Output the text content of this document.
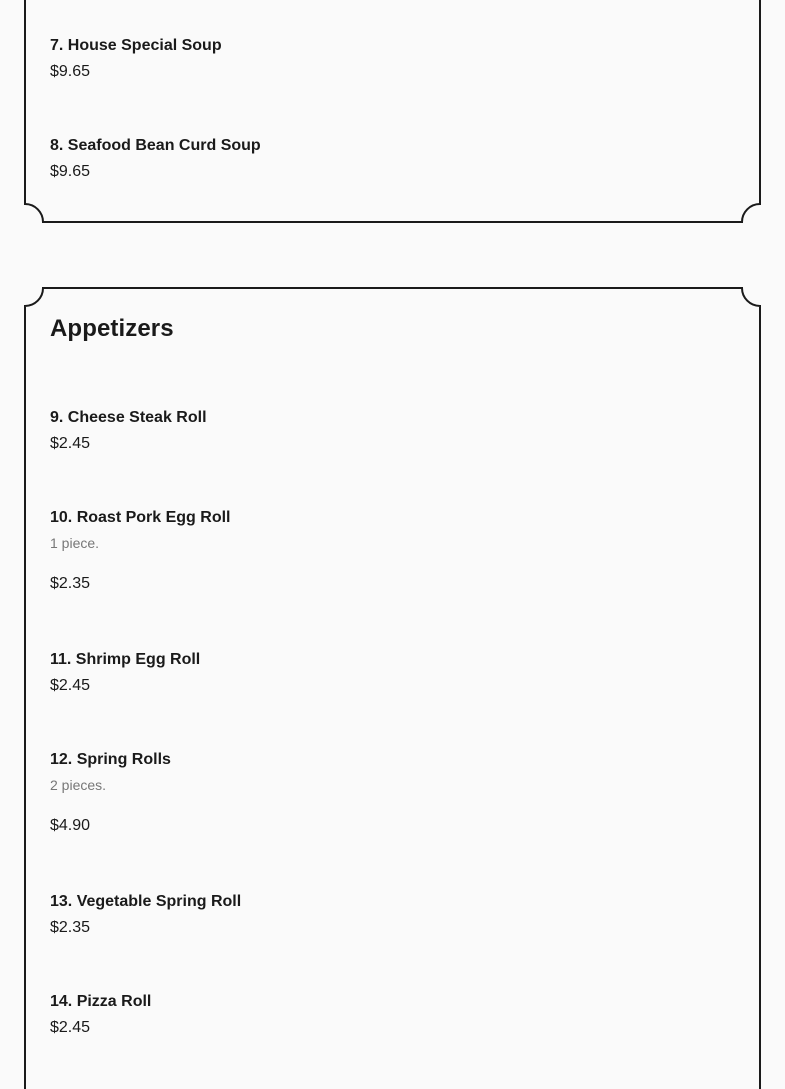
7. House Special Soup
$9.65
8. Seafood Bean Curd Soup
$9.65
Appetizers
9. Cheese Steak Roll
$2.45
10. Roast Pork Egg Roll
1 piece.
$2.35
11. Shrimp Egg Roll
$2.45
12. Spring Rolls
2 pieces.
$4.90
13. Vegetable Spring Roll
$2.35
14. Pizza Roll
$2.45
